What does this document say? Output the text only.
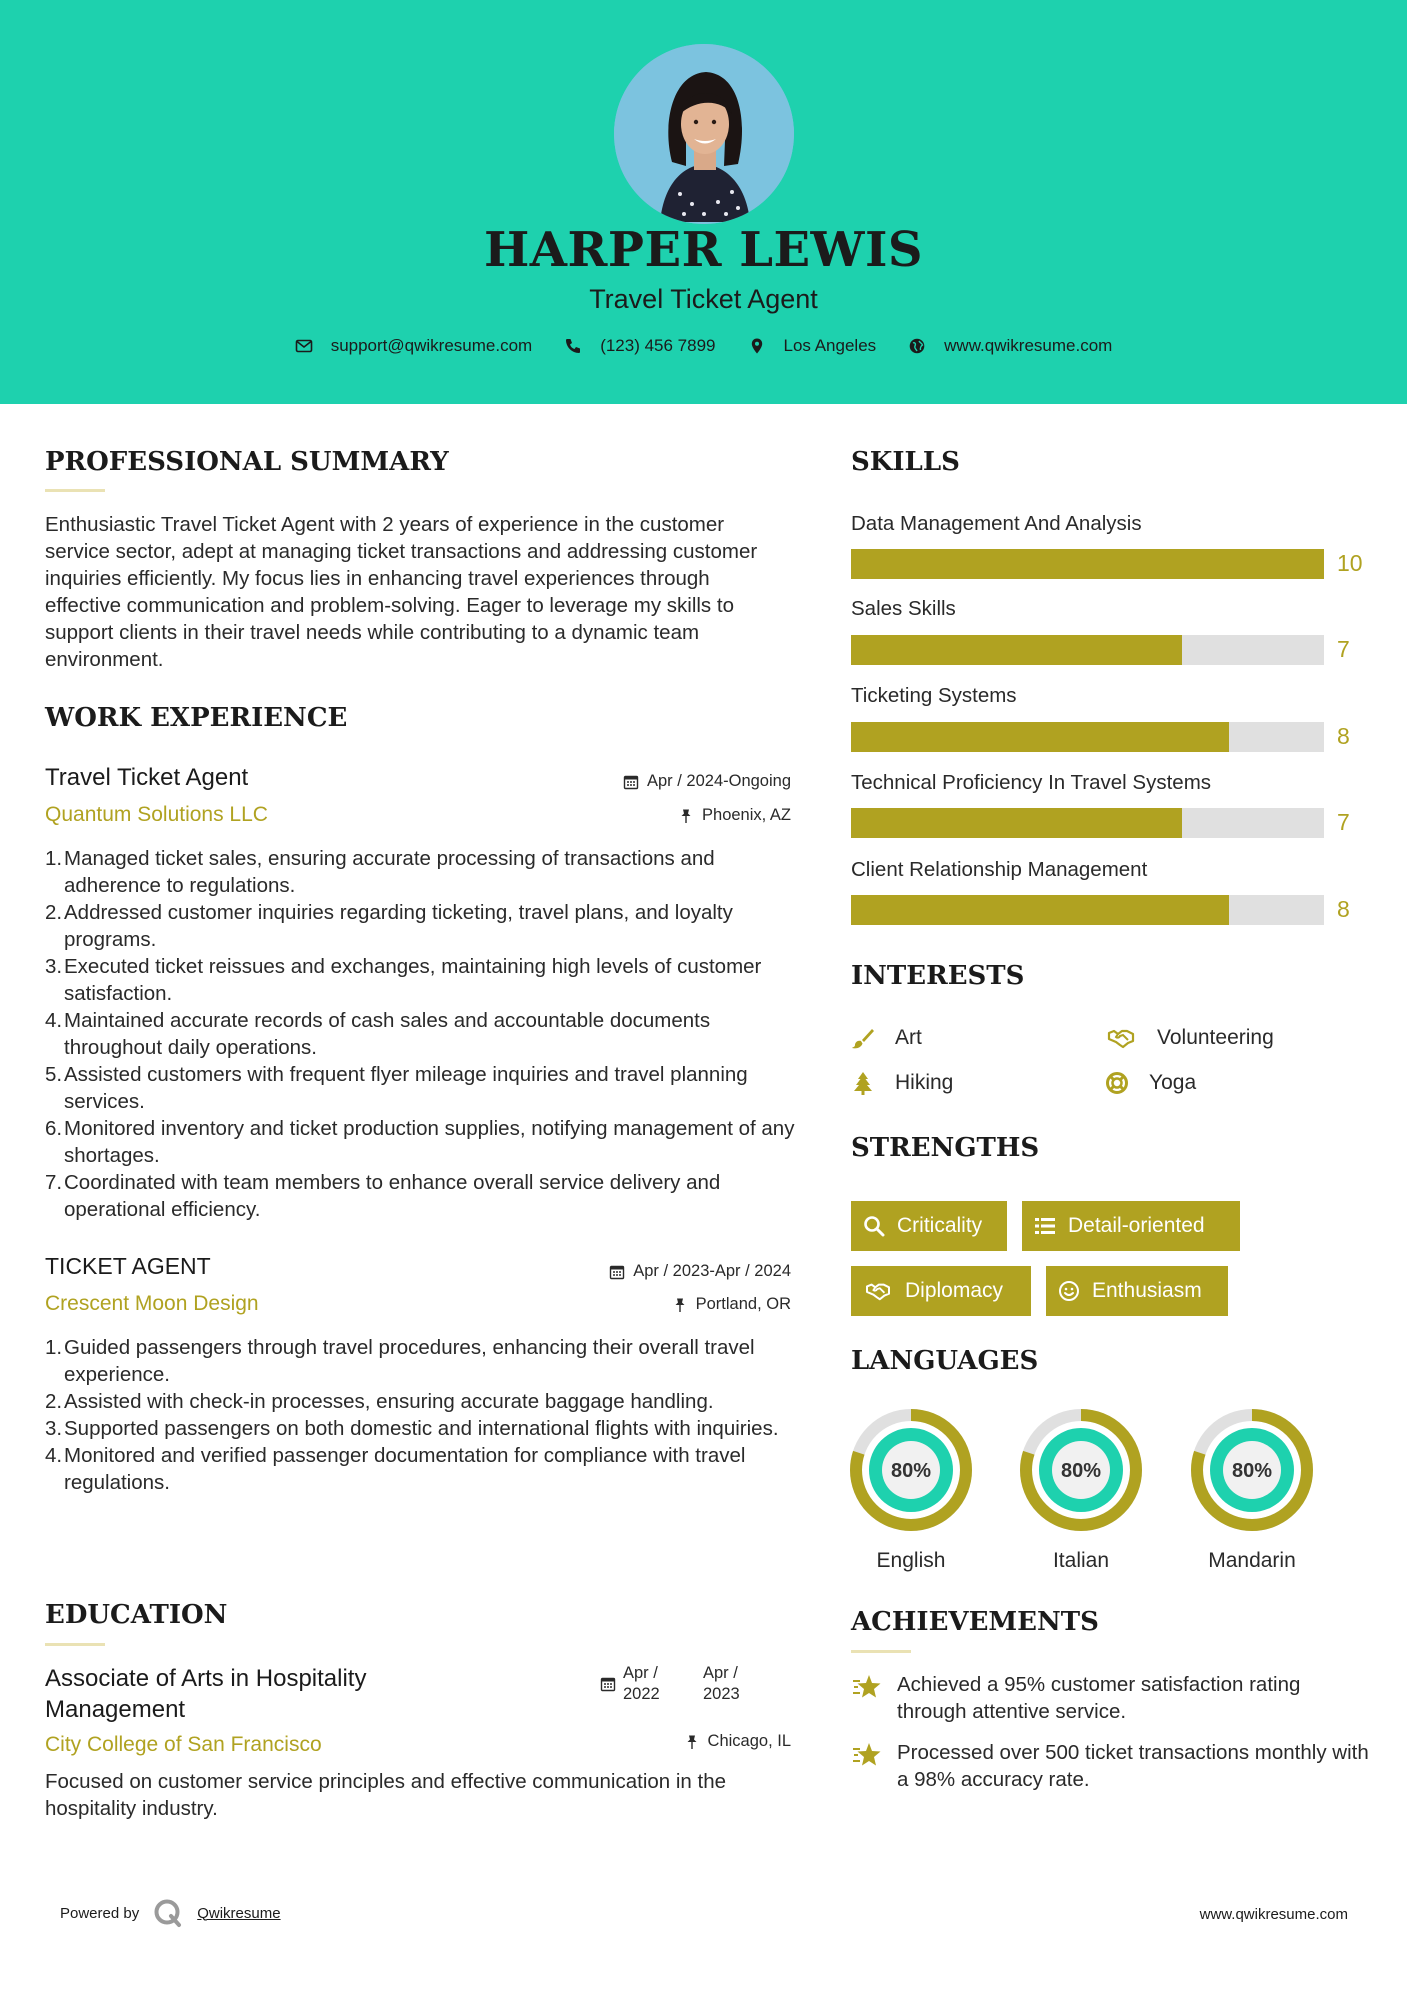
HARPER LEWIS
Travel Ticket Agent
support@qwikresume.com	(123) 456 7899	Los Angeles	www.qwikresume.com
PROFESSIONAL SUMMARY
Enthusiastic Travel Ticket Agent with 2 years of experience in the customer service sector, adept at managing ticket transactions and addressing customer inquiries efficiently. My focus lies in enhancing travel experiences through effective communication and problem-solving. Eager to leverage my skills to support clients in their travel needs while contributing to a dynamic team environment.
WORK EXPERIENCE
Travel Ticket Agent
Quantum Solutions LLC
Apr / 2024-Ongoing
Phoenix, AZ
1. Managed ticket sales, ensuring accurate processing of transactions and adherence to regulations.
2. Addressed customer inquiries regarding ticketing, travel plans, and loyalty programs.
3. Executed ticket reissues and exchanges, maintaining high levels of customer satisfaction.
4. Maintained accurate records of cash sales and accountable documents throughout daily operations.
5. Assisted customers with frequent flyer mileage inquiries and travel planning services.
6. Monitored inventory and ticket production supplies, notifying management of any shortages.
7. Coordinated with team members to enhance overall service delivery and operational efficiency.
TICKET AGENT
Crescent Moon Design
Apr / 2023-Apr / 2024
Portland, OR
1. Guided passengers through travel procedures, enhancing their overall travel experience.
2. Assisted with check-in processes, ensuring accurate baggage handling.
3. Supported passengers on both domestic and international flights with inquiries.
4. Monitored and verified passenger documentation for compliance with travel regulations.
EDUCATION
Associate of Arts in Hospitality Management
City College of San Francisco
Apr / 2022
Apr / 2023
Chicago, IL
Focused on customer service principles and effective communication in the hospitality industry.
SKILLS
Data Management And Analysis
10
Sales Skills
7
Ticketing Systems
8
Technical Proficiency In Travel Systems
7
Client Relationship Management
8
INTERESTS
Art	Volunteering
Hiking	Yoga
STRENGTHS
Criticality	Detail-oriented
Diplomacy	Enthusiasm
LANGUAGES
80%
English
80%
Italian
80%
Mandarin
ACHIEVEMENTS
Achieved a 95% customer satisfaction rating through attentive service.
Processed over 500 ticket transactions monthly with a 98% accuracy rate.
Powered by	Qwikresume	www.qwikresume.com
